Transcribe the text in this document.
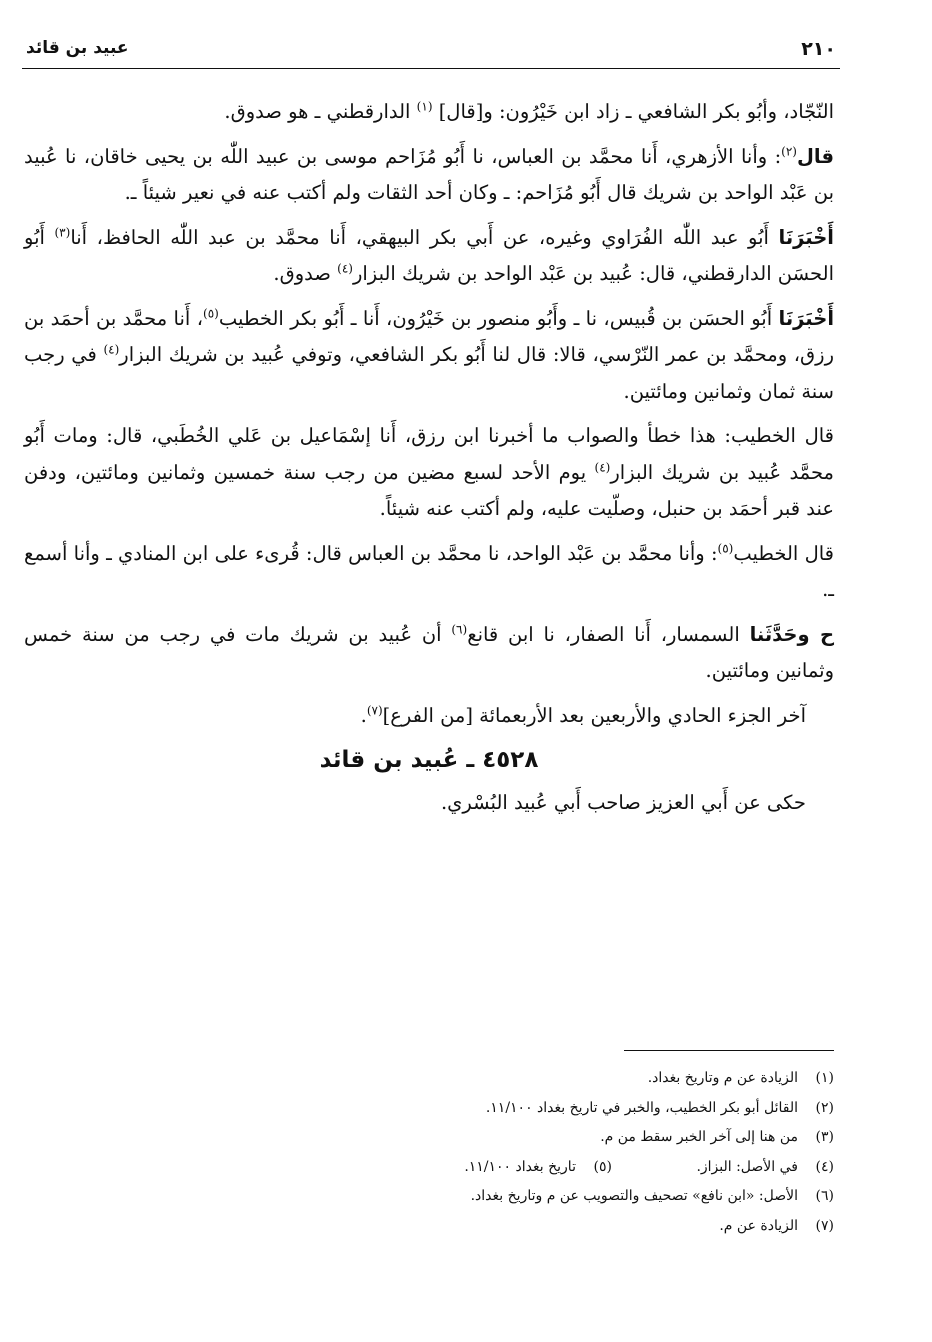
٢١٠
عبيد بن قائد

النّجّاد، وأبُو بكر الشافعي ـ زاد ابن خَيْرُون: و[قال] $^{(١)}$ الدارقطني ـ هو صدوق.

قال$^{(٢)}$: وأنا الأزهري، أَنا محمَّد بن العباس، نا أَبُو مُزَاحم موسى بن عبيد اللّٰه بن يحيى خاقان، نا عُبيد بن عَبْد الواحد بن شريك قال أَبُو مُزَاحم: ـ وكان أحد الثقات ولم أكتب عنه في نعير شيئاً ـ.

أَخْبَرَنَا أَبُو عبد اللّٰه الفُرَاوي وغيره، عن أَبي بكر البيهقي، أَنا محمَّد بن عبد اللّٰه الحافظ، أَنا$^{(٣)}$ أَبُو الحسَن الدارقطني، قال: عُبيد بن عَبْد الواحد بن شريك البزار$^{(٤)}$ صدوق.

أَخْبَرَنَا أَبُو الحسَن بن قُبيس، نا ـ وأَبُو منصور بن خَيْرُون، أَنا ـ أَبُو بكر الخطيب$^{(٥)}$، أَنا محمَّد بن أحمَد بن رزق، ومحمَّد بن عمر النّرْسي، قالا: قال لنا أَبُو بكر الشافعي، وتوفي عُبيد بن شريك البزار$^{(٤)}$ في رجب سنة ثمان وثمانين ومائتين.

قال الخطيب: هذا خطأ والصواب ما أخبرنا ابن رزق، أَنا إسْمَاعيل بن عَلي الخُطَبي، قال: ومات أَبُو محمَّد عُبيد بن شريك البزار$^{(٤)}$ يوم الأحد لسبع مضين من رجب سنة خمسين وثمانين ومائتين، ودفن عند قبر أحمَد بن حنبل، وصلّيت عليه، ولم أكتب عنه شيئاً.

قال الخطيب$^{(٥)}$: وأنا محمَّد بن عَبْد الواحد، نا محمَّد بن العباس قال: قُرىء على ابن المنادي ـ وأنا أسمع ـ.

ح وحَدَّثَنا السمسار، أَنا الصفار، نا ابن قانع$^{(٦)}$ أن عُبيد بن شريك مات في رجب من سنة خمس وثمانين ومائتين.

آخر الجزء الحادي والأربعين بعد الأربعمائة [من الفرع]$^{(٧)}$.

٤٥٢٨ ـ عُبيد بن قائد

حكى عن أَبي العزيز صاحب أَبي عُبيد البُسْري.

(١)الزيادة عن م وتاريخ بغداد.
(٢)القائل أبو بكر الخطيب، والخبر في تاريخ بغداد ١١/١٠٠.
(٣)من هنا إلى آخر الخبر سقط من م.
(٤)في الأصل: البزاز. (٥)تاريخ بغداد ١١/١٠٠.
(٦)الأصل: «ابن نافع» تصحيف والتصويب عن م وتاريخ بغداد.
(٧)الزيادة عن م.
